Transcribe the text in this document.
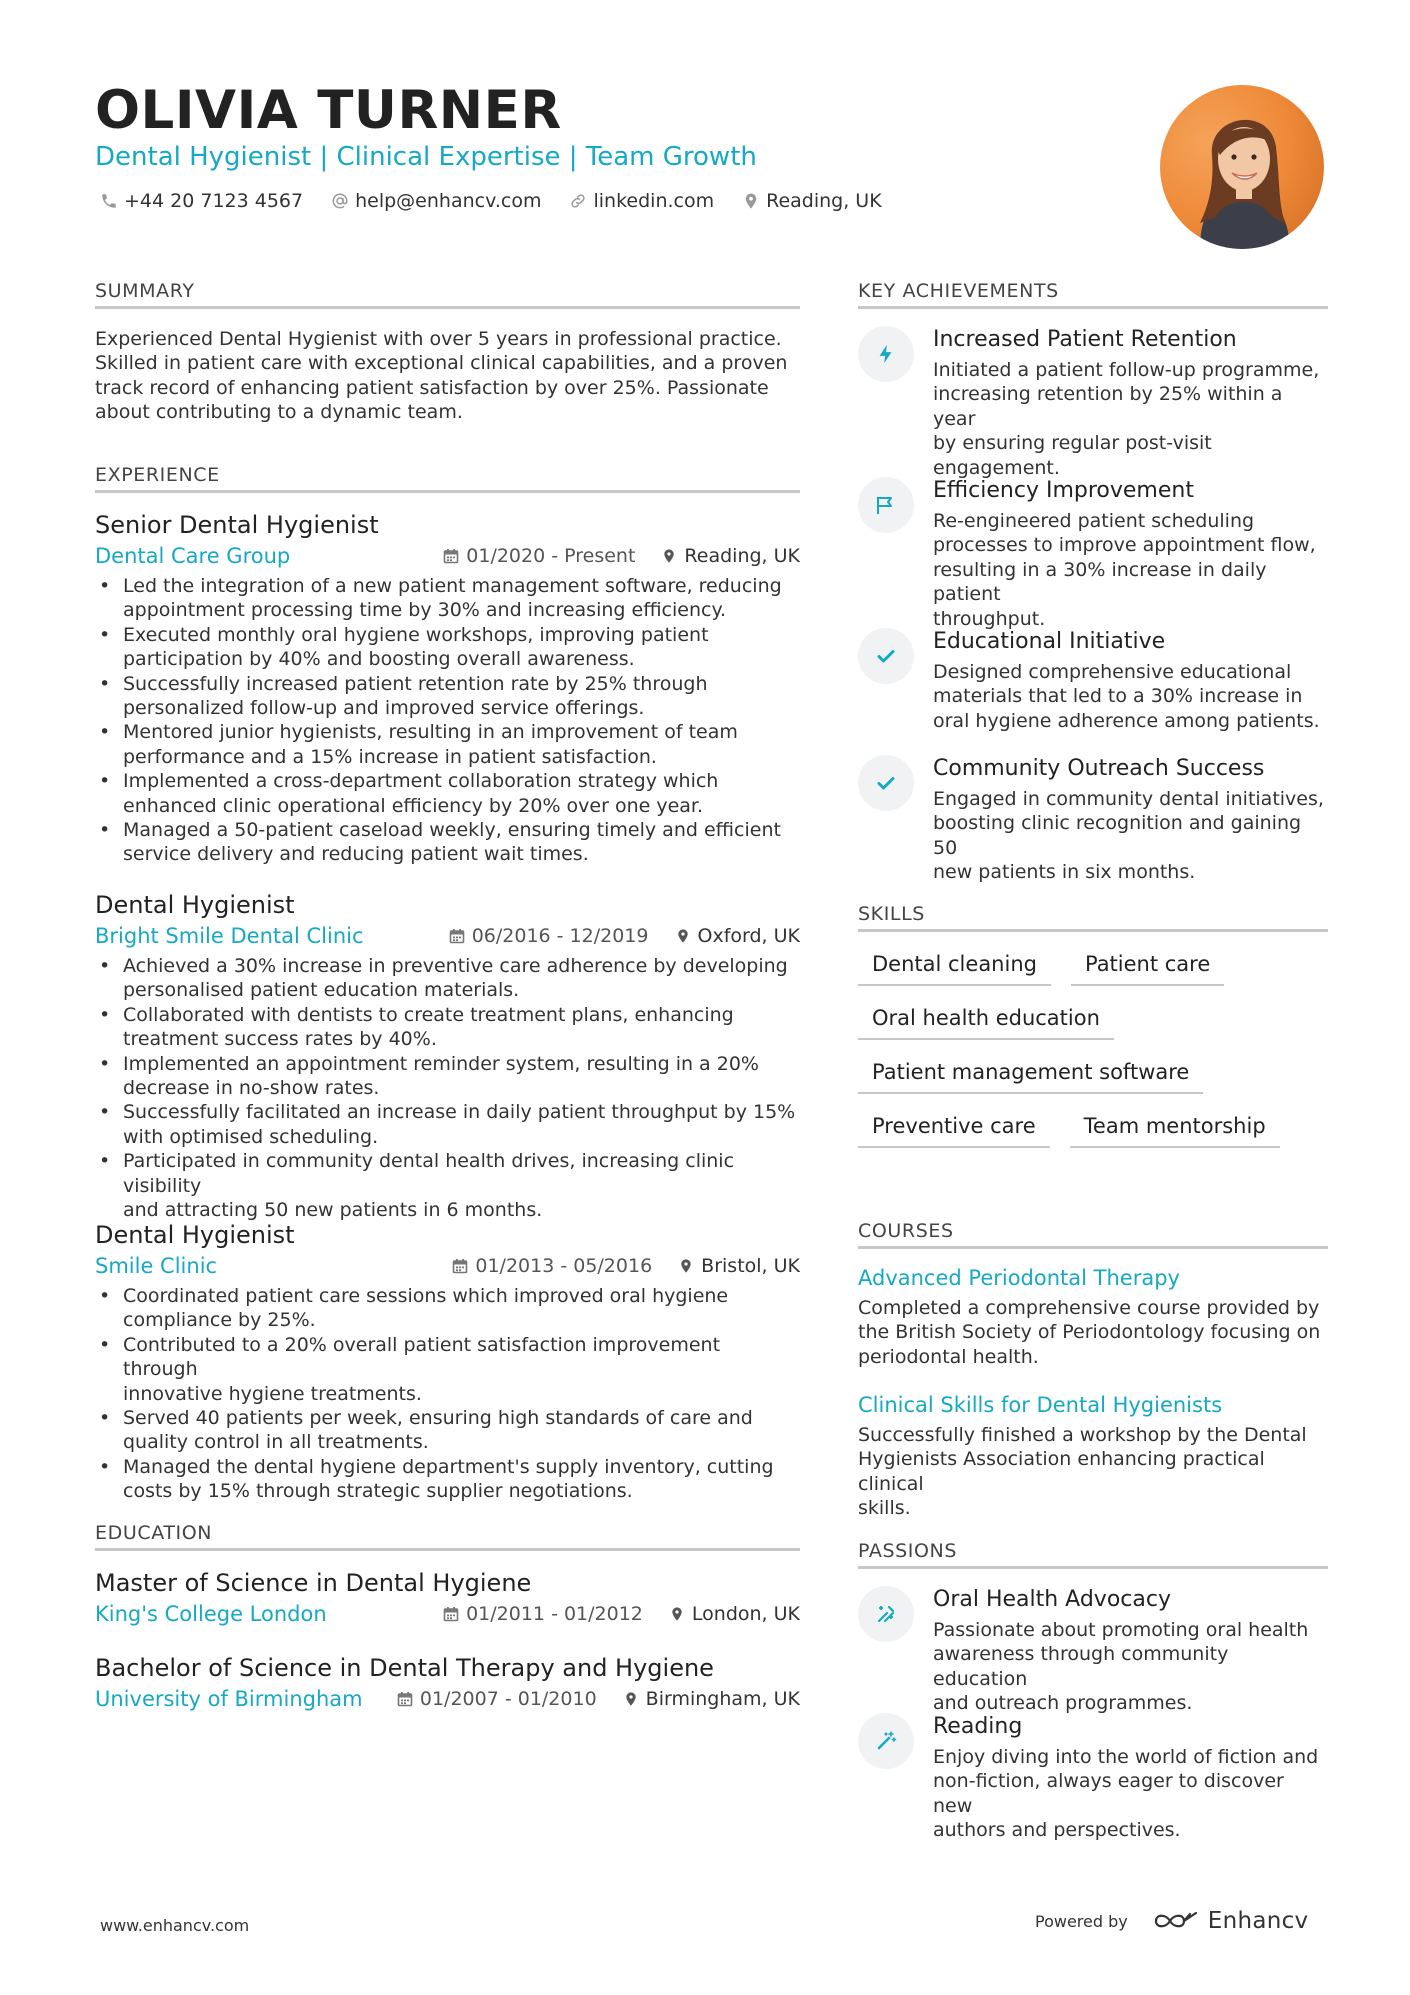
OLIVIA TURNER
Dental Hygienist | Clinical Expertise | Team Growth
+44 20 7123 4567	help@enhancv.com	linkedin.com	Reading, UK
SUMMARY
Experienced Dental Hygienist with over 5 years in professional practice.
Skilled in patient care with exceptional clinical capabilities, and a proven
track record of enhancing patient satisfaction by over 25%. Passionate
about contributing to a dynamic team.
EXPERIENCE
Senior Dental Hygienist
Dental Care Group	01/2020 - Present	Reading, UK
• Led the integration of a new patient management software, reducing
appointment processing time by 30% and increasing efficiency.
• Executed monthly oral hygiene workshops, improving patient
participation by 40% and boosting overall awareness.
• Successfully increased patient retention rate by 25% through
personalized follow-up and improved service offerings.
• Mentored junior hygienists, resulting in an improvement of team
performance and a 15% increase in patient satisfaction.
• Implemented a cross-department collaboration strategy which
enhanced clinic operational efficiency by 20% over one year.
• Managed a 50-patient caseload weekly, ensuring timely and efficient
service delivery and reducing patient wait times.
Dental Hygienist
Bright Smile Dental Clinic	06/2016 - 12/2019	Oxford, UK
• Achieved a 30% increase in preventive care adherence by developing
personalised patient education materials.
• Collaborated with dentists to create treatment plans, enhancing
treatment success rates by 40%.
• Implemented an appointment reminder system, resulting in a 20%
decrease in no-show rates.
• Successfully facilitated an increase in daily patient throughput by 15%
with optimised scheduling.
• Participated in community dental health drives, increasing clinic visibility
and attracting 50 new patients in 6 months.
Dental Hygienist
Smile Clinic	01/2013 - 05/2016	Bristol, UK
• Coordinated patient care sessions which improved oral hygiene
compliance by 25%.
• Contributed to a 20% overall patient satisfaction improvement through
innovative hygiene treatments.
• Served 40 patients per week, ensuring high standards of care and
quality control in all treatments.
• Managed the dental hygiene department's supply inventory, cutting
costs by 15% through strategic supplier negotiations.
EDUCATION
Master of Science in Dental Hygiene
King's College London	01/2011 - 01/2012	London, UK
Bachelor of Science in Dental Therapy and Hygiene
University of Birmingham	01/2007 - 01/2010	Birmingham, UK
KEY ACHIEVEMENTS
Increased Patient Retention
Initiated a patient follow-up programme,
increasing retention by 25% within a year
by ensuring regular post-visit
engagement.
Efficiency Improvement
Re-engineered patient scheduling
processes to improve appointment flow,
resulting in a 30% increase in daily patient
throughput.
Educational Initiative
Designed comprehensive educational
materials that led to a 30% increase in
oral hygiene adherence among patients.
Community Outreach Success
Engaged in community dental initiatives,
boosting clinic recognition and gaining 50
new patients in six months.
SKILLS
Dental cleaning	Patient care
Oral health education
Patient management software
Preventive care	Team mentorship
COURSES
Advanced Periodontal Therapy
Completed a comprehensive course provided by
the British Society of Periodontology focusing on
periodontal health.
Clinical Skills for Dental Hygienists
Successfully finished a workshop by the Dental
Hygienists Association enhancing practical clinical
skills.
PASSIONS
Oral Health Advocacy
Passionate about promoting oral health
awareness through community education
and outreach programmes.
Reading
Enjoy diving into the world of fiction and
non-fiction, always eager to discover new
authors and perspectives.
www.enhancv.com	Powered by	Enhancv
